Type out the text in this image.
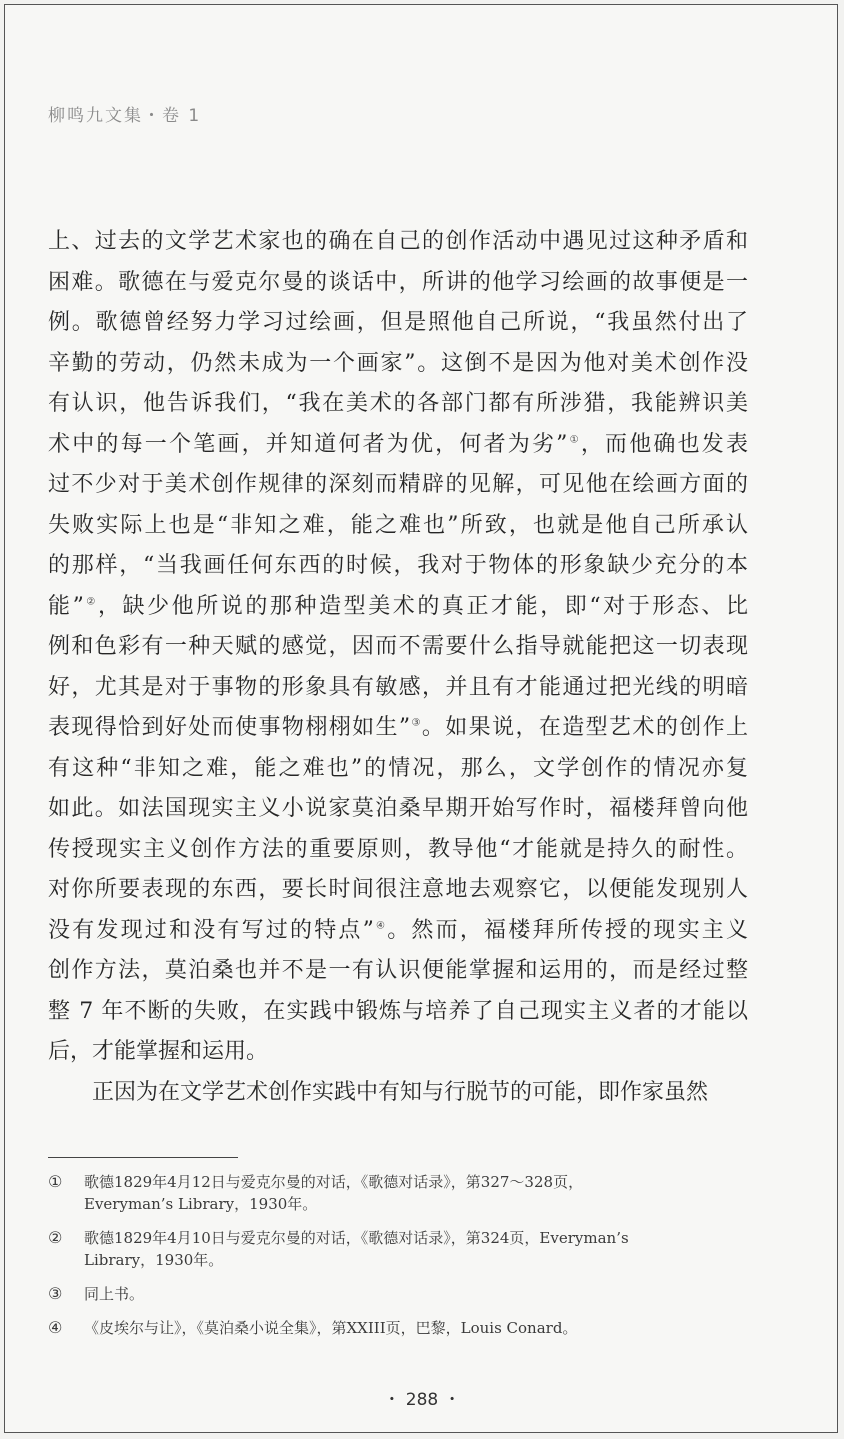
柳鸣九文集・卷 1
上、过去的文学艺术家也的确在自己的创作活动中遇见过这种矛盾和
困难。歌德在与爱克尔曼的谈话中，所讲的他学习绘画的故事便是一
例。歌德曾经努力学习过绘画，但是照他自己所说，“我虽然付出了
辛勤的劳动，仍然未成为一个画家”。这倒不是因为他对美术创作没
有认识，他告诉我们，“我在美术的各部门都有所涉猎，我能辨识美
术中的每一个笔画，并知道何者为优，何者为劣”①，而他确也发表
过不少对于美术创作规律的深刻而精辟的见解，可见他在绘画方面的
失败实际上也是“非知之难，能之难也”所致，也就是他自己所承认
的那样，“当我画任何东西的时候，我对于物体的形象缺少充分的本
能”②，缺少他所说的那种造型美术的真正才能，即“对于形态、比
例和色彩有一种天赋的感觉，因而不需要什么指导就能把这一切表现
好，尤其是对于事物的形象具有敏感，并且有才能通过把光线的明暗
表现得恰到好处而使事物栩栩如生”③。如果说，在造型艺术的创作上
有这种“非知之难，能之难也”的情况，那么，文学创作的情况亦复
如此。如法国现实主义小说家莫泊桑早期开始写作时，福楼拜曾向他
传授现实主义创作方法的重要原则，教导他“才能就是持久的耐性。
对你所要表现的东西，要长时间很注意地去观察它，以便能发现别人
没有发现过和没有写过的特点”④。然而，福楼拜所传授的现实主义
创作方法，莫泊桑也并不是一有认识便能掌握和运用的，而是经过整
整 7 年不断的失败，在实践中锻炼与培养了自己现实主义者的才能以
后，才能掌握和运用。
正因为在文学艺术创作实践中有知与行脱节的可能，即作家虽然
① 歌德1829年4月12日与爱克尔曼的对话，《歌德对话录》，第327～328页，
Everyman’s Library，1930年。
② 歌德1829年4月10日与爱克尔曼的对话，《歌德对话录》，第324页，Everyman’s
Library，1930年。
③ 同上书。
④ 《皮埃尔与让》，《莫泊桑小说全集》，第XXIII页，巴黎，Louis Conard。
・ 288 ・
